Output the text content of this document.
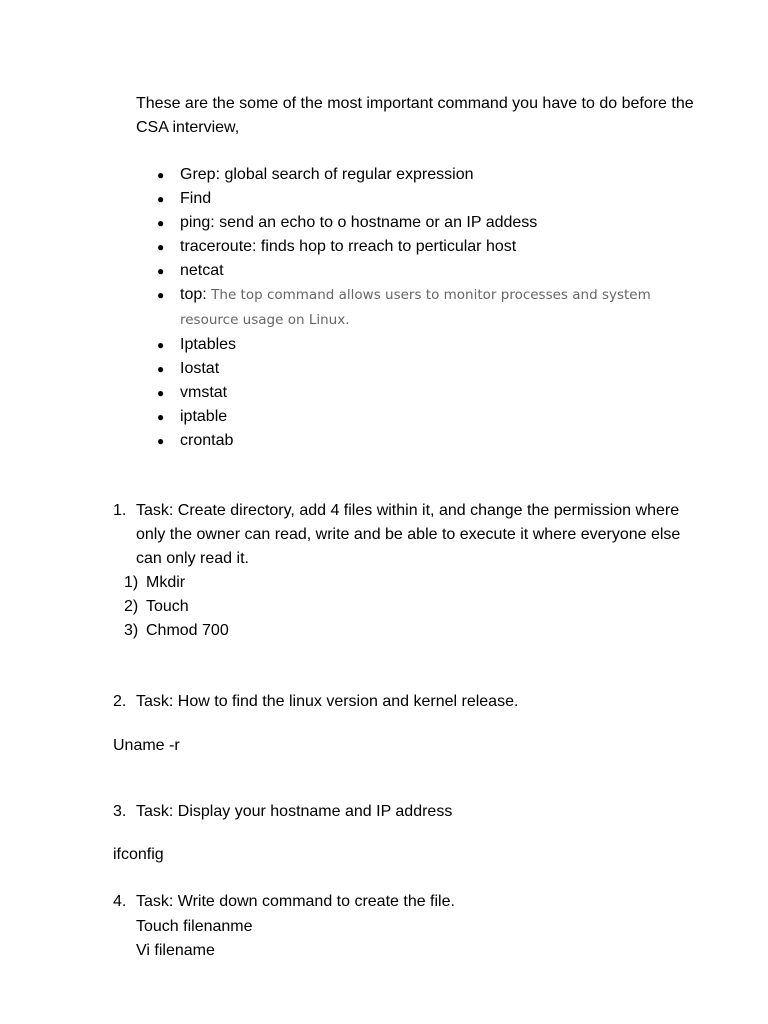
These are the some of the most important command you have to do before the CSA interview,

● Grep: global search of regular expression
● Find
● ping: send an echo to o hostname or an IP addess
● traceroute: finds hop to rreach to perticular host
● netcat
● top: The top command allows users to monitor processes and system resource usage on Linux.
● Iptables
● Iostat
● vmstat
● iptable
● crontab
1. Task: Create directory, add 4 files within it, and change the permission where only the owner can read, write and be able to execute it where everyone else can only read it.
1) Mkdir
2) Touch
3) Chmod 700
2. Task: How to find the linux version and kernel release.
Uname -r
3. Task: Display your hostname and IP address
ifconfig
4. Task: Write down command to create the file.
Touch filenanme
Vi filename
